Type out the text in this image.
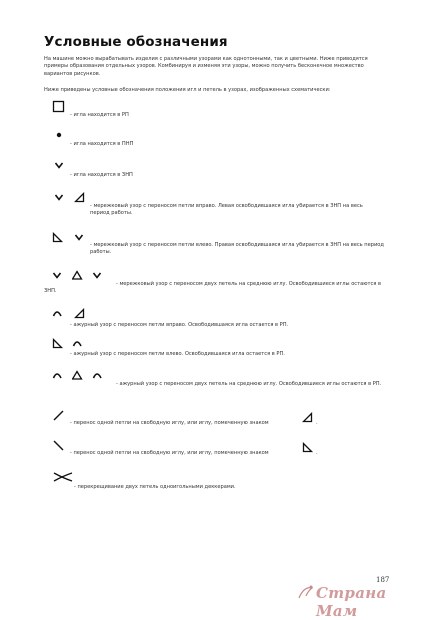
Условные обозначения
На машине можно вырабатывать изделия с различными узорами как однотонными, так и цветными. Ниже приводятся примеры образования отдельных узоров. Комбинируя и изменяя эти узоры, можно получить бесконечное множество вариантов рисунков.
Ниже приведены условные обозначения положения игл и петель в узорах, изображенных схематически:
- игла находится в РП
- игла находится в ПНП
- игла находится в ЗНП
- мережковый узор с переносом петли вправо. Левая освободившаяся игла убирается в ЗНП на весь период работы.
- мережковый узор с переносом петли влево. Правая освободившаяся игла убирается в ЗНП на весь период работы.
- мережковый узор с переносом двух петель на среднюю иглу. Освободившиеся иглы остаются в ЗНП.
- ажурный узор с переносом петли вправо. Освободившаяся игла остается в РП.
- ажурный узор с переносом петли влево. Освободившаяся игла остается в РП.
- ажурный узор с переносом двух петель на среднюю иглу. Освободившиеся иглы остаются в РП.
- перенос одной петли на свободную иглу, или иглу, помеченную знаком	.
- перенос одной петли на свободную иглу, или иглу, помеченную знаком	.
- перекрещивание двух петель одноигольными деккерами.
187
Страна Мам
